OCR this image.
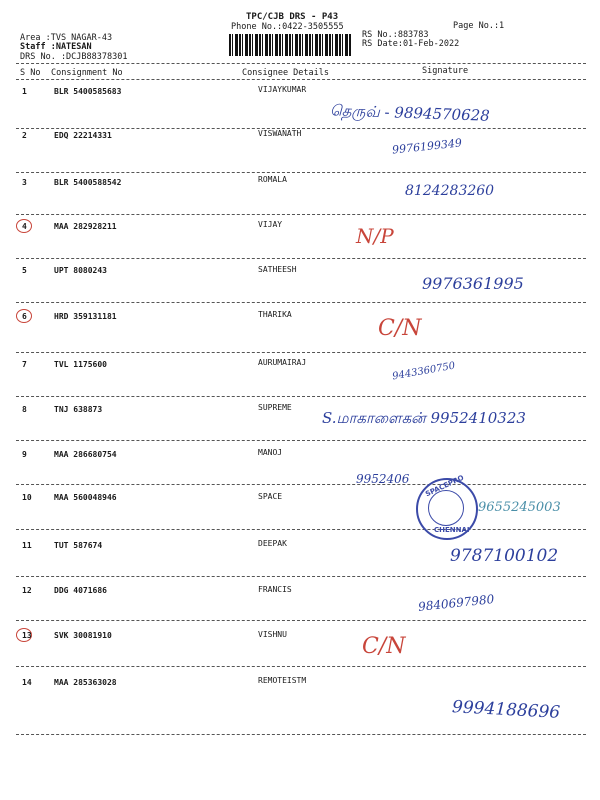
TPC/CJB DRS - P43
Phone No.:0422-3505555	Page No.:1
Area :TVS NAGAR-43
Staff :NATESAN
DRS No. :DCJB88378301
RS No.:883783
RS Date:01-Feb-2022
S No Consignment No	Consignee Details	Signature
1	BLR 5400585683	VIJAYKUMAR
தெருவ் - 9894570628
2	EDQ 22214331	VISWANATH
9976199349
3	BLR 5400588542	ROMALA
8124283260
4	MAA 282928211	VIJAY	N/P
5	UPT 8080243	SATHEESH
9976361995
6	HRD 359131181	THARIKA
C/N
7	TVL 1175600	AURUMAIRAJ	9443360750
8	TNJ 638873	SUPREME
S.மாகாளைகன் 9952410323
9	MAA 286680754	MANOJ
9952406
10	MAA 560048946	SPACE
9655245003
SPACEPRO
CHENNAI
11	TUT 587674	DEEPAK
9787100102
12	DDG 4071686	FRANCIS
9840697980
13	SVK 30081910	VISHNU	C/N
14	MAA 285363028	REMOTEISTM
9994188696
